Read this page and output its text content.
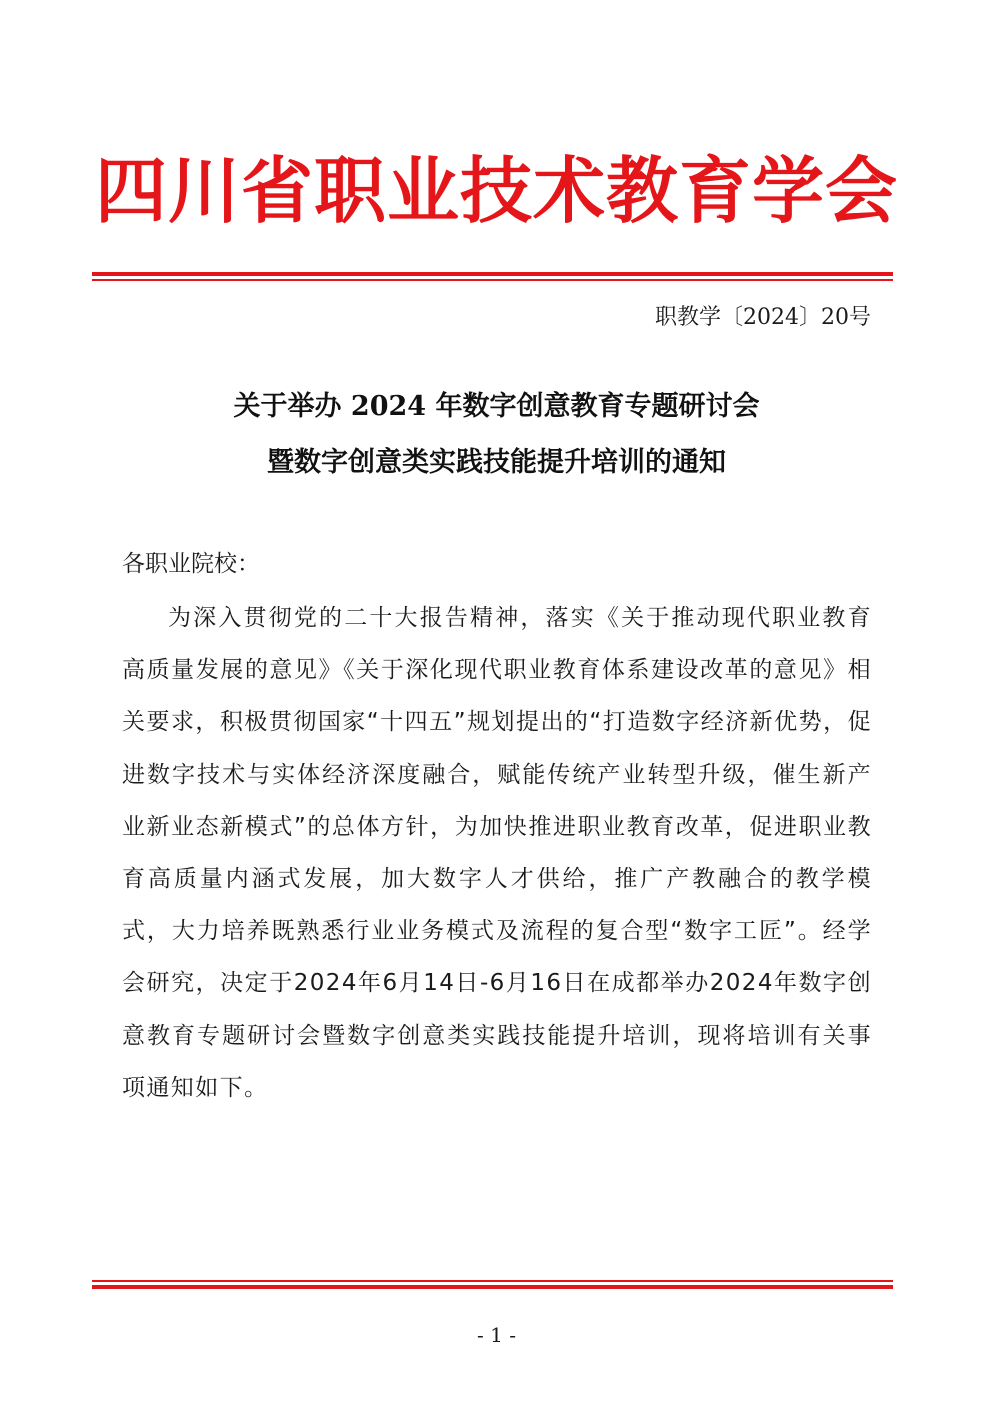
四川省职业技术教育学会

职教学〔2024〕20号

关于举办 2024 年数字创意教育专题研讨会
暨数字创意类实践技能提升培训的通知

各职业院校：

为深入贯彻党的二十大报告精神，落实《关于推动现代职业教育高质量发展的意见》《关于深化现代职业教育体系建设改革的意见》相关要求，积极贯彻国家“十四五”规划提出的“打造数字经济新优势，促进数字技术与实体经济深度融合，赋能传统产业转型升级，催生新产业新业态新模式”的总体方针，为加快推进职业教育改革，促进职业教育高质量内涵式发展，加大数字人才供给，推广产教融合的教学模式，大力培养既熟悉行业业务模式及流程的复合型“数字工匠”。经学会研究，决定于2024年6月14日-6月16日在成都举办2024年数字创意教育专题研讨会暨数字创意类实践技能提升培训，现将培训有关事项通知如下。

- 1 -
